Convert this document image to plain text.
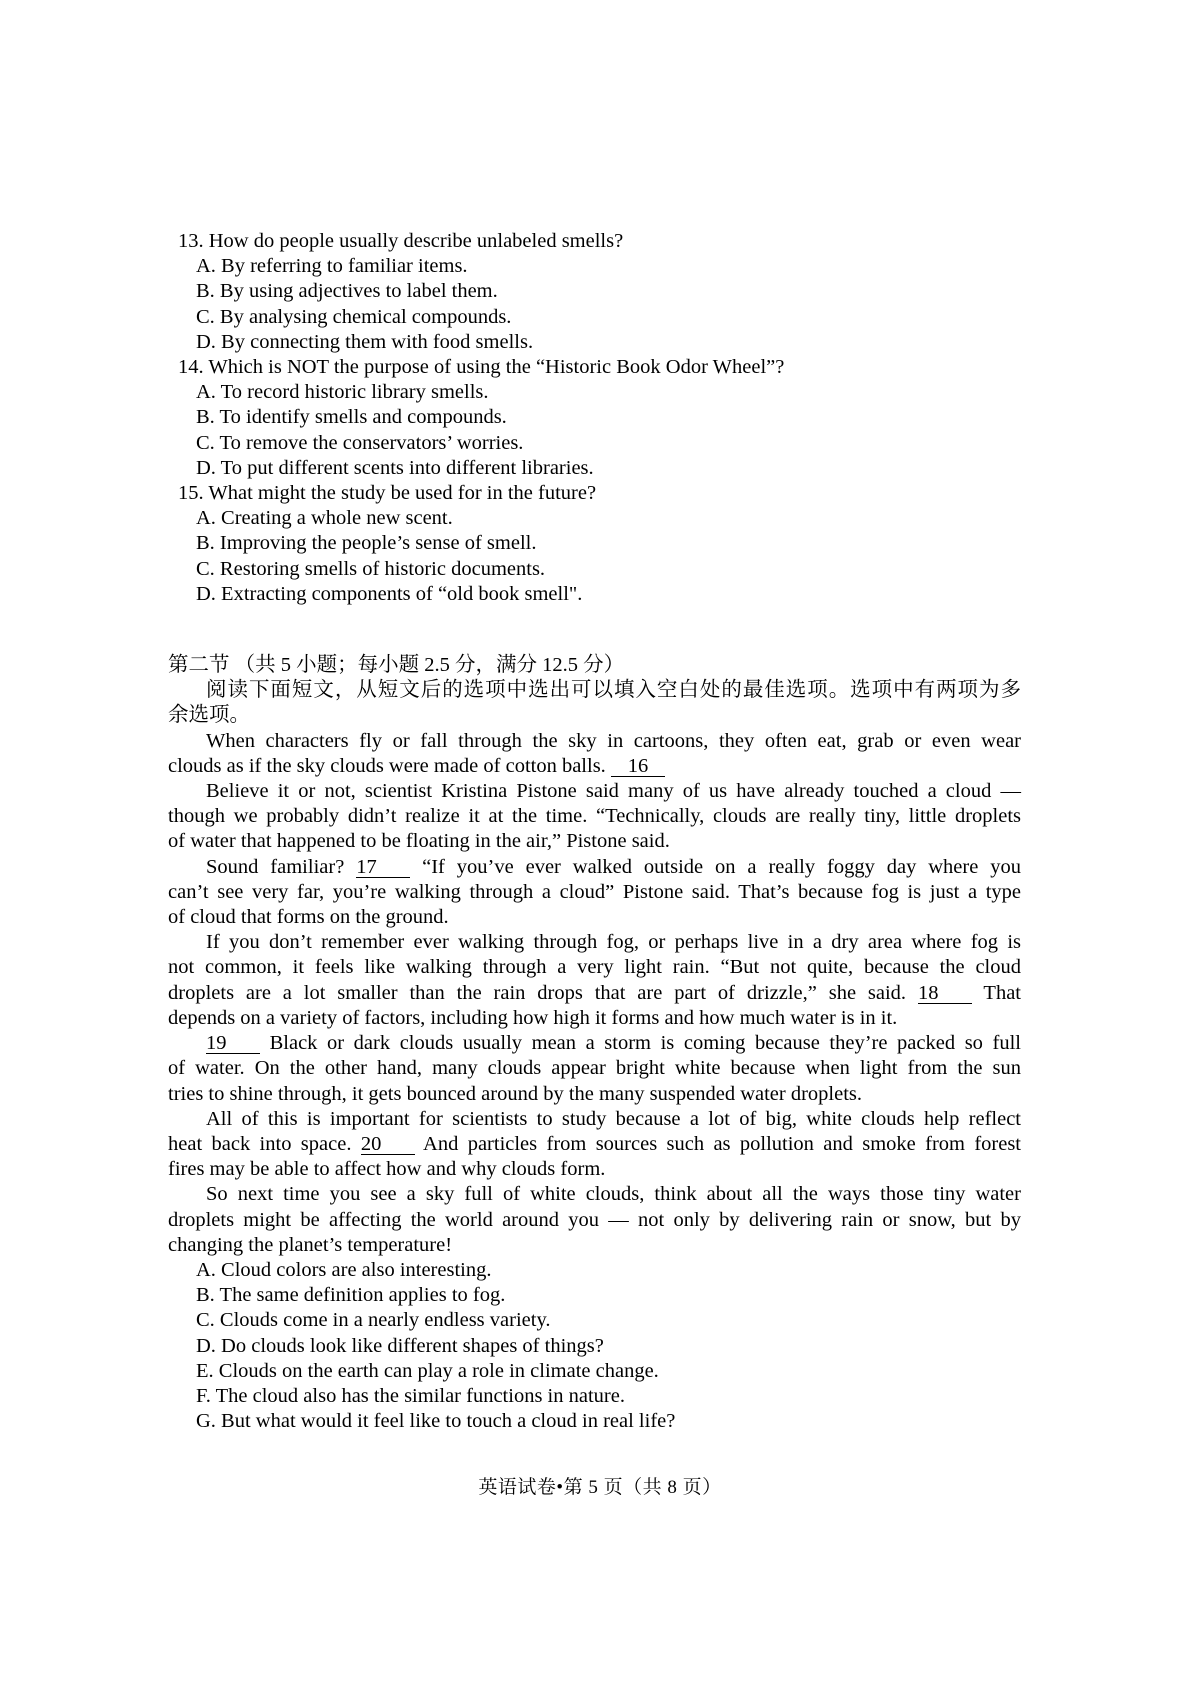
13. How do people usually describe unlabeled smells?
A. By referring to familiar items.
B. By using adjectives to label them.
C. By analysing chemical compounds.
D. By connecting them with food smells.
14. Which is NOT the purpose of using the “Historic Book Odor Wheel”?
A. To record historic library smells.
B. To identify smells and compounds.
C. To remove the conservators’ worries.
D. To put different scents into different libraries.
15. What might the study be used for in the future?
A. Creating a whole new scent.
B. Improving the people’s sense of smell.
C. Restoring smells of historic documents.
D. Extracting components of “old book smell".
第二节 （共 5 小题；每小题 2.5 分，满分 12.5 分）
阅读下面短文，从短文后的选项中选出可以填入空白处的最佳选项。选项中有两项为多
余选项。
When characters fly or fall through the sky in cartoons, they often eat, grab or even wear
clouds as if the sky clouds were made of cotton balls. 16
Believe it or not, scientist Kristina Pistone said many of us have already touched a cloud —
though we probably didn’t realize it at the time. “Technically, clouds are really tiny, little droplets
of water that happened to be floating in the air,” Pistone said.
Sound familiar? 17 “If you’ve ever walked outside on a really foggy day where you
can’t see very far, you’re walking through a cloud” Pistone said. That’s because fog is just a type
of cloud that forms on the ground.
If you don’t remember ever walking through fog, or perhaps live in a dry area where fog is
not common, it feels like walking through a very light rain. “But not quite, because the cloud
droplets are a lot smaller than the rain drops that are part of drizzle,” she said. 18 That
depends on a variety of factors, including how high it forms and how much water is in it.
19 Black or dark clouds usually mean a storm is coming because they’re packed so full
of water. On the other hand, many clouds appear bright white because when light from the sun
tries to shine through, it gets bounced around by the many suspended water droplets.
All of this is important for scientists to study because a lot of big, white clouds help reflect
heat back into space. 20 And particles from sources such as pollution and smoke from forest
fires may be able to affect how and why clouds form.
So next time you see a sky full of white clouds, think about all the ways those tiny water
droplets might be affecting the world around you — not only by delivering rain or snow, but by
changing the planet’s temperature!
A. Cloud colors are also interesting.
B. The same definition applies to fog.
C. Clouds come in a nearly endless variety.
D. Do clouds look like different shapes of things?
E. Clouds on the earth can play a role in climate change.
F. The cloud also has the similar functions in nature.
G. But what would it feel like to touch a cloud in real life?
英语试卷•第 5 页（共 8 页）
